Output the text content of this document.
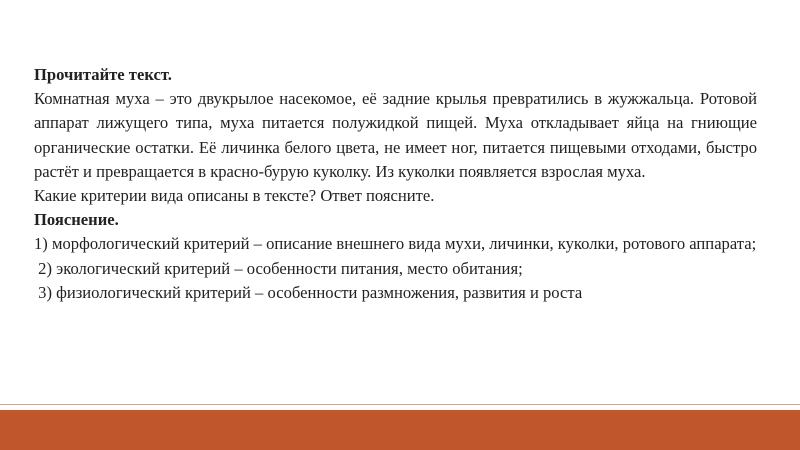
Прочитайте текст.

Комнатная муха – это двукрылое насекомое, её задние крылья превратились в жужжальца. Ротовой аппарат лижущего типа, муха питается полужидкой пищей. Муха откладывает яйца на гниющие органические остатки. Её личинка белого цвета, не имеет ног, питается пищевыми отходами, быстро растёт и превращается в красно-бурую куколку. Из куколки появляется взрослая муха.

Какие критерии вида описаны в тексте? Ответ поясните.

Пояснение.

1) морфологический критерий – описание внешнего вида мухи, личинки, куколки, ротового аппарата;

2) экологический критерий – особенности питания, место обитания;

3) физиологический критерий – особенности размножения, развития и роста
